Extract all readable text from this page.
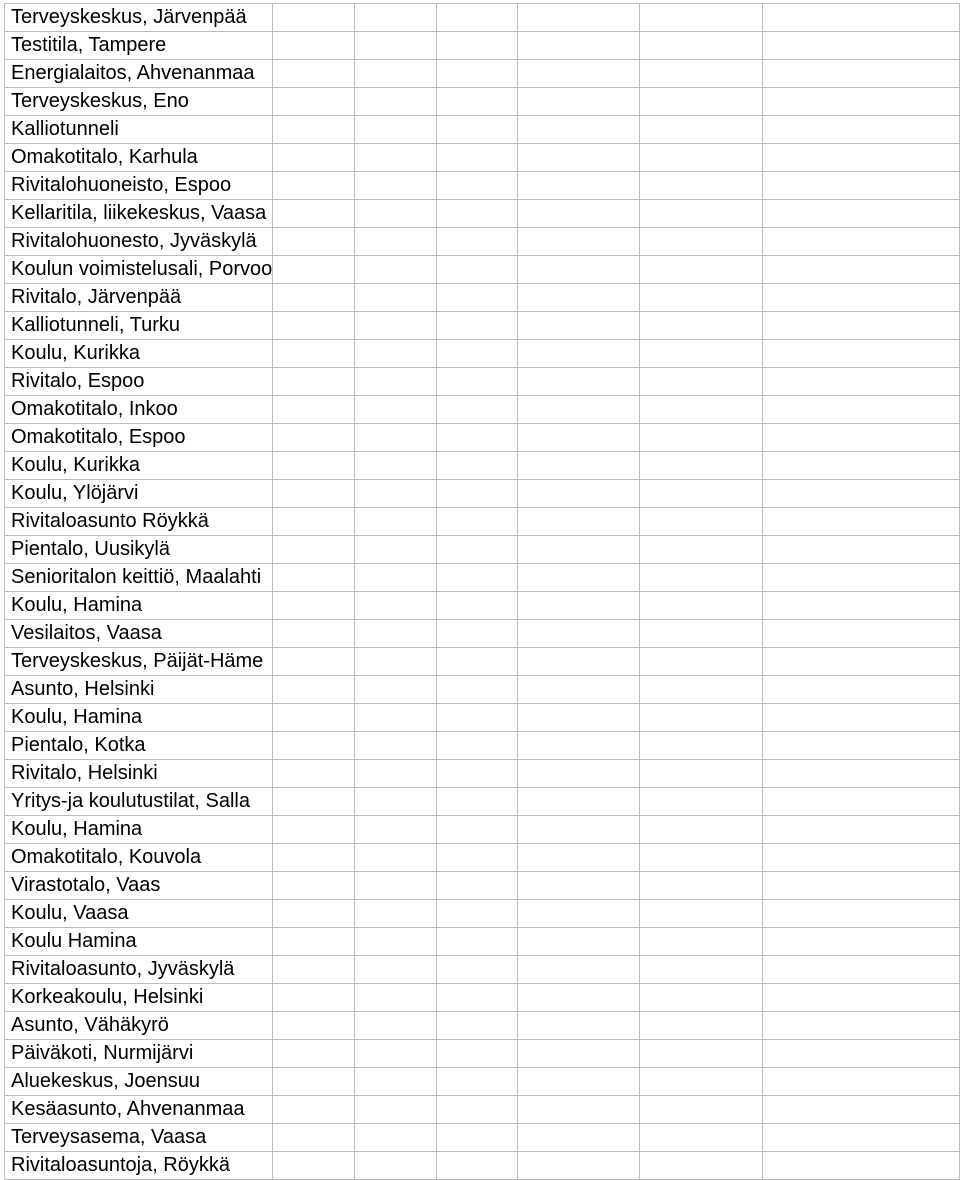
Terveyskeskus, Järvenpää						
Testitila, Tampere						
Energialaitos, Ahvenanmaa						
Terveyskeskus, Eno						
Kalliotunneli						
Omakotitalo, Karhula						
Rivitalohuoneisto, Espoo						
Kellaritila, liikekeskus, Vaasa						
Rivitalohuonesto, Jyväskylä						
Koulun voimistelusali, Porvoo						
Rivitalo, Järvenpää						
Kalliotunneli, Turku						
Koulu, Kurikka						
Rivitalo, Espoo						
Omakotitalo, Inkoo						
Omakotitalo, Espoo						
Koulu, Kurikka						
Koulu, Ylöjärvi						
Rivitaloasunto Röykkä						
Pientalo, Uusikylä						
Senioritalon keittiö, Maalahti						
Koulu, Hamina						
Vesilaitos, Vaasa						
Terveyskeskus, Päijät-Häme						
Asunto, Helsinki						
Koulu, Hamina						
Pientalo, Kotka						
Rivitalo, Helsinki						
Yritys-ja koulutustilat, Salla						
Koulu, Hamina						
Omakotitalo, Kouvola						
Virastotalo, Vaas						
Koulu, Vaasa						
Koulu Hamina						
Rivitaloasunto, Jyväskylä						
Korkeakoulu, Helsinki						
Asunto, Vähäkyrö						
Päiväkoti, Nurmijärvi						
Aluekeskus, Joensuu						
Kesäasunto, Ahvenanmaa						
Terveysasema, Vaasa						
Rivitaloasuntoja, Röykkä						
